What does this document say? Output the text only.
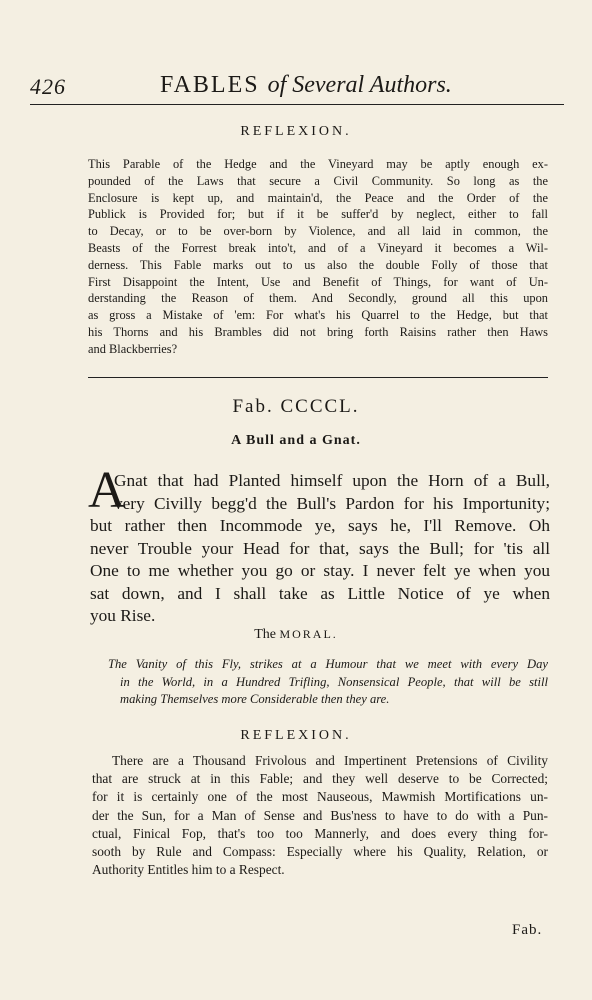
426	FABLES of Several Authors.
REFLEXION.
This Parable of the Hedge and the Vineyard may be aptly enough ex-
pounded of the Laws that secure a Civil Community. So long as the
Enclosure is kept up, and maintain'd, the Peace and the Order of the
Publick is Provided for; but if it be suffer'd by neglect, either to fall
to Decay, or to be over-born by Violence, and all laid in common, the
Beasts of the Forrest break into't, and of a Vineyard it becomes a Wil-
derness. This Fable marks out to us also the double Folly of those that
First Disappoint the Intent, Use and Benefit of Things, for want of Un-
derstanding the Reason of them. And Secondly, ground all this upon
as gross a Mistake of 'em: For what's his Quarrel to the Hedge, but that
his Thorns and his Brambles did not bring forth Raisins rather then Haws
and Blackberries?
Fab. CCCCL.
A Bull and a Gnat.
A
Gnat that had Planted himself upon the Horn of a Bull,
very Civilly begg'd the Bull's Pardon for his Importunity;
but rather then Incommode ye, says he, I'll Remove. Oh
never Trouble your Head for that, says the Bull; for 'tis all
One to me whether you go or stay. I never felt ye when you
sat down, and I shall take as Little Notice of ye when
you Rise.
The MORAL.
The Vanity of this Fly, strikes at a Humour that we meet with every Day
in the World, in a Hundred Trifling, Nonsensical People, that will be still
making Themselves more Considerable then they are.
REFLEXION.
There are a Thousand Frivolous and Impertinent Pretensions of Civility
that are struck at in this Fable; and they well deserve to be Corrected;
for it is certainly one of the most Nauseous, Mawmish Mortifications un-
der the Sun, for a Man of Sense and Bus'ness to have to do with a Pun-
ctual, Finical Fop, that's too too Mannerly, and does every thing for-
sooth by Rule and Compass: Especially where his Quality, Relation, or
Authority Entitles him to a Respect.
Fab.
